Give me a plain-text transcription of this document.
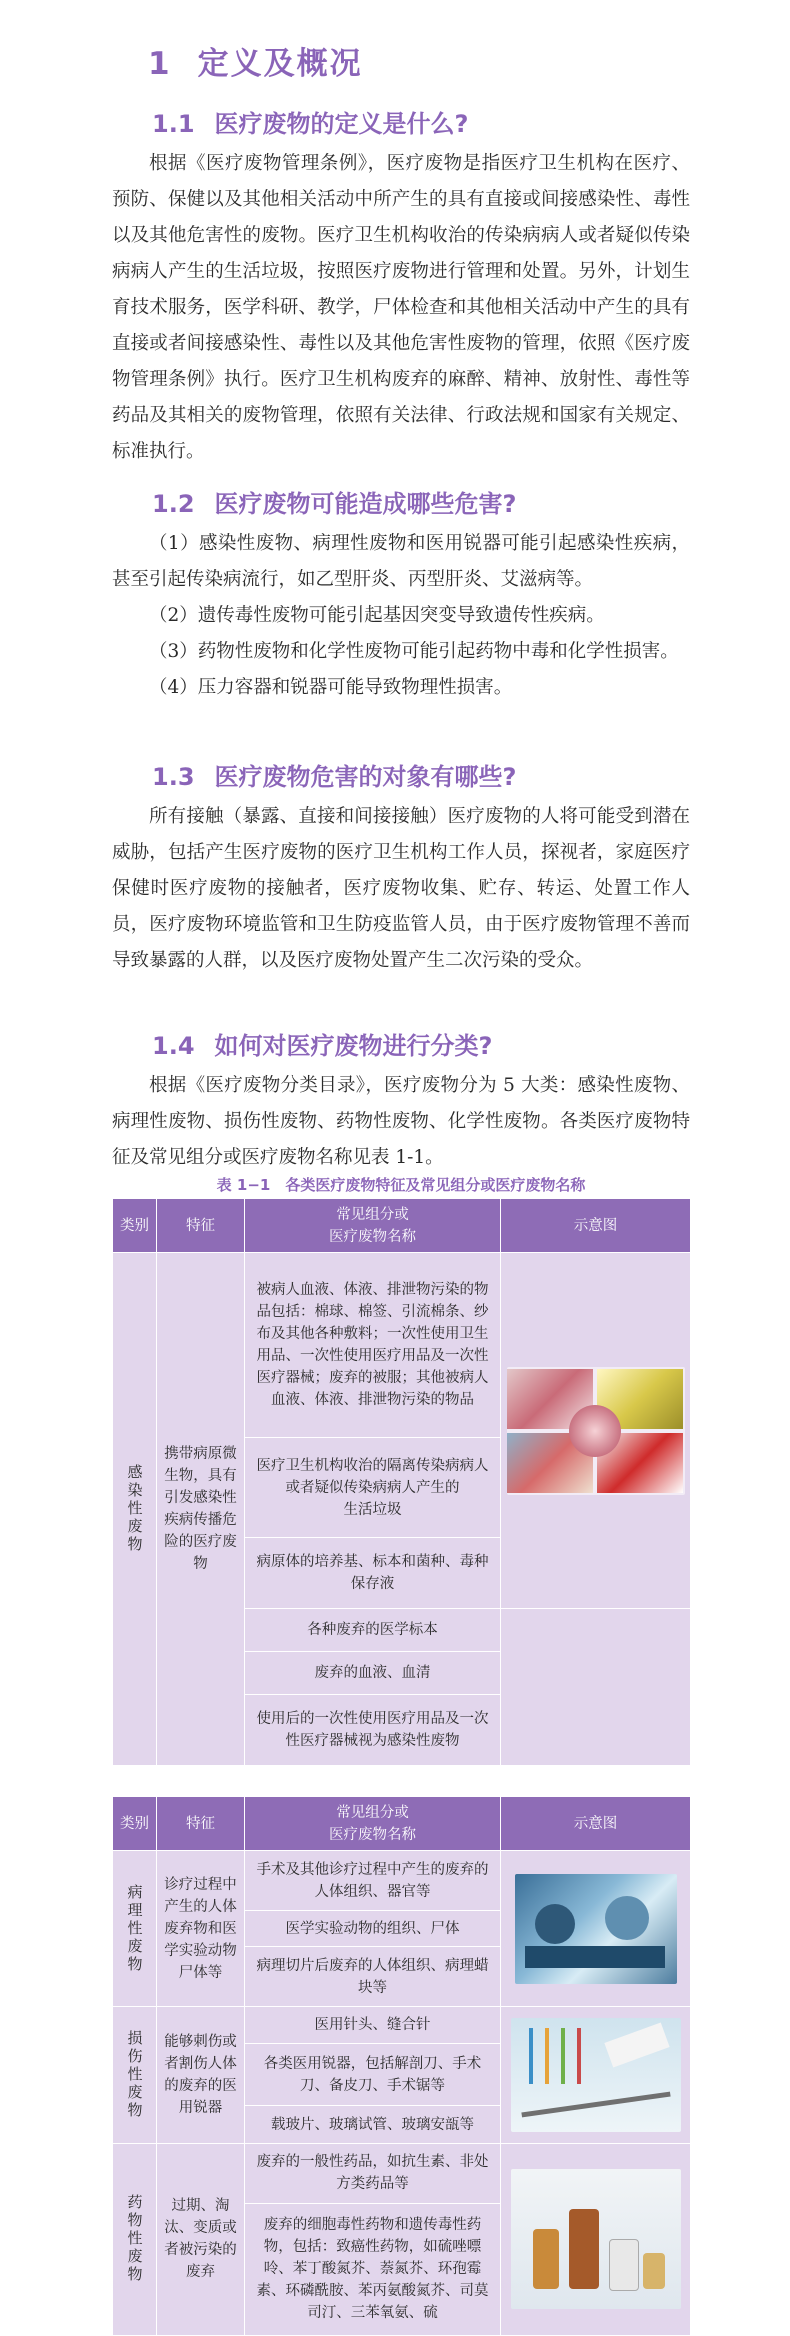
1 定义及概况
1.1 医疗废物的定义是什么?

根据《医疗废物管理条例》，医疗废物是指医疗卫生机构在医疗、预防、保健以及其他相关活动中所产生的具有直接或间接感染性、毒性以及其他危害性的废物。医疗卫生机构收治的传染病病人或者疑似传染病病人产生的生活垃圾，按照医疗废物进行管理和处置。另外，计划生育技术服务，医学科研、教学，尸体检查和其他相关活动中产生的具有直接或者间接感染性、毒性以及其他危害性废物的管理，依照《医疗废物管理条例》执行。医疗卫生机构废弃的麻醉、精神、放射性、毒性等药品及其相关的废物管理，依照有关法律、行政法规和国家有关规定、标准执行。

1.2 医疗废物可能造成哪些危害?

（1）感染性废物、病理性废物和医用锐器可能引起感染性疾病，甚至引起传染病流行，如乙型肝炎、丙型肝炎、艾滋病等。

（2）遗传毒性废物可能引起基因突变导致遗传性疾病。

（3）药物性废物和化学性废物可能引起药物中毒和化学性损害。

（4）压力容器和锐器可能导致物理性损害。

1.3 医疗废物危害的对象有哪些?

所有接触（暴露、直接和间接接触）医疗废物的人将可能受到潜在威胁，包括产生医疗废物的医疗卫生机构工作人员，探视者，家庭医疗保健时医疗废物的接触者，医疗废物收集、贮存、转运、处置工作人员，医疗废物环境监管和卫生防疫监管人员，由于医疗废物管理不善而导致暴露的人群，以及医疗废物处置产生二次污染的受众。

1.4 如何对医疗废物进行分类?

根据《医疗废物分类目录》，医疗废物分为 5 大类：感染性废物、病理性废物、损伤性废物、药物性废物、化学性废物。各类医疗废物特征及常见组分或医疗废物名称见表 1-1。

表 1−1　各类医疗废物特征及常见组分或医疗废物名称
类别	特征	常见组分或
医疗废物名称	示意图
感染性废物	携带病原微生物，具有引发感染性疾病传播危险的医疗废物	被病人血液、体液、排泄物污染的物品包括：棉球、棉签、引流棉条、纱布及其他各种敷料；一次性使用卫生用品、一次性使用医疗用品及一次性医疗器械；废弃的被服；其他被病人血液、体液、排泄物污染的物品	

		医疗卫生机构收治的隔离传染病病人或者疑似传染病病人产生的
生活垃圾	
		病原体的培养基、标本和菌种、毒种保存液	
		各种废弃的医学标本	
		废弃的血液、血清	
		使用后的一次性使用医疗用品及一次性医疗器械视为感染性废物	
类别	特征	常见组分或
医疗废物名称	示意图
病理性废物	诊疗过程中产生的人体废弃物和医学实验动物尸体等	手术及其他诊疗过程中产生的废弃的人体组织、器官等	

		医学实验动物的组织、尸体	
		病理切片后废弃的人体组织、病理蜡块等	
损伤性废物	能够刺伤或者割伤人体的废弃的医用锐器	医用针头、缝合针	

		各类医用锐器，包括解剖刀、手术刀、备皮刀、手术锯等	
		载玻片、玻璃试管、玻璃安瓿等	
药物性废物	过期、淘汰、变质或者被污染的废弃	废弃的一般性药品，如抗生素、非处方类药品等	

		废弃的细胞毒性药物和遗传毒性药物，包括：致癌性药物，如硫唑嘌呤、苯丁酸氮芥、萘氮芥、环孢霉素、环磷酰胺、苯丙氨酸氮芥、司莫司汀、三苯氧氨、硫	
